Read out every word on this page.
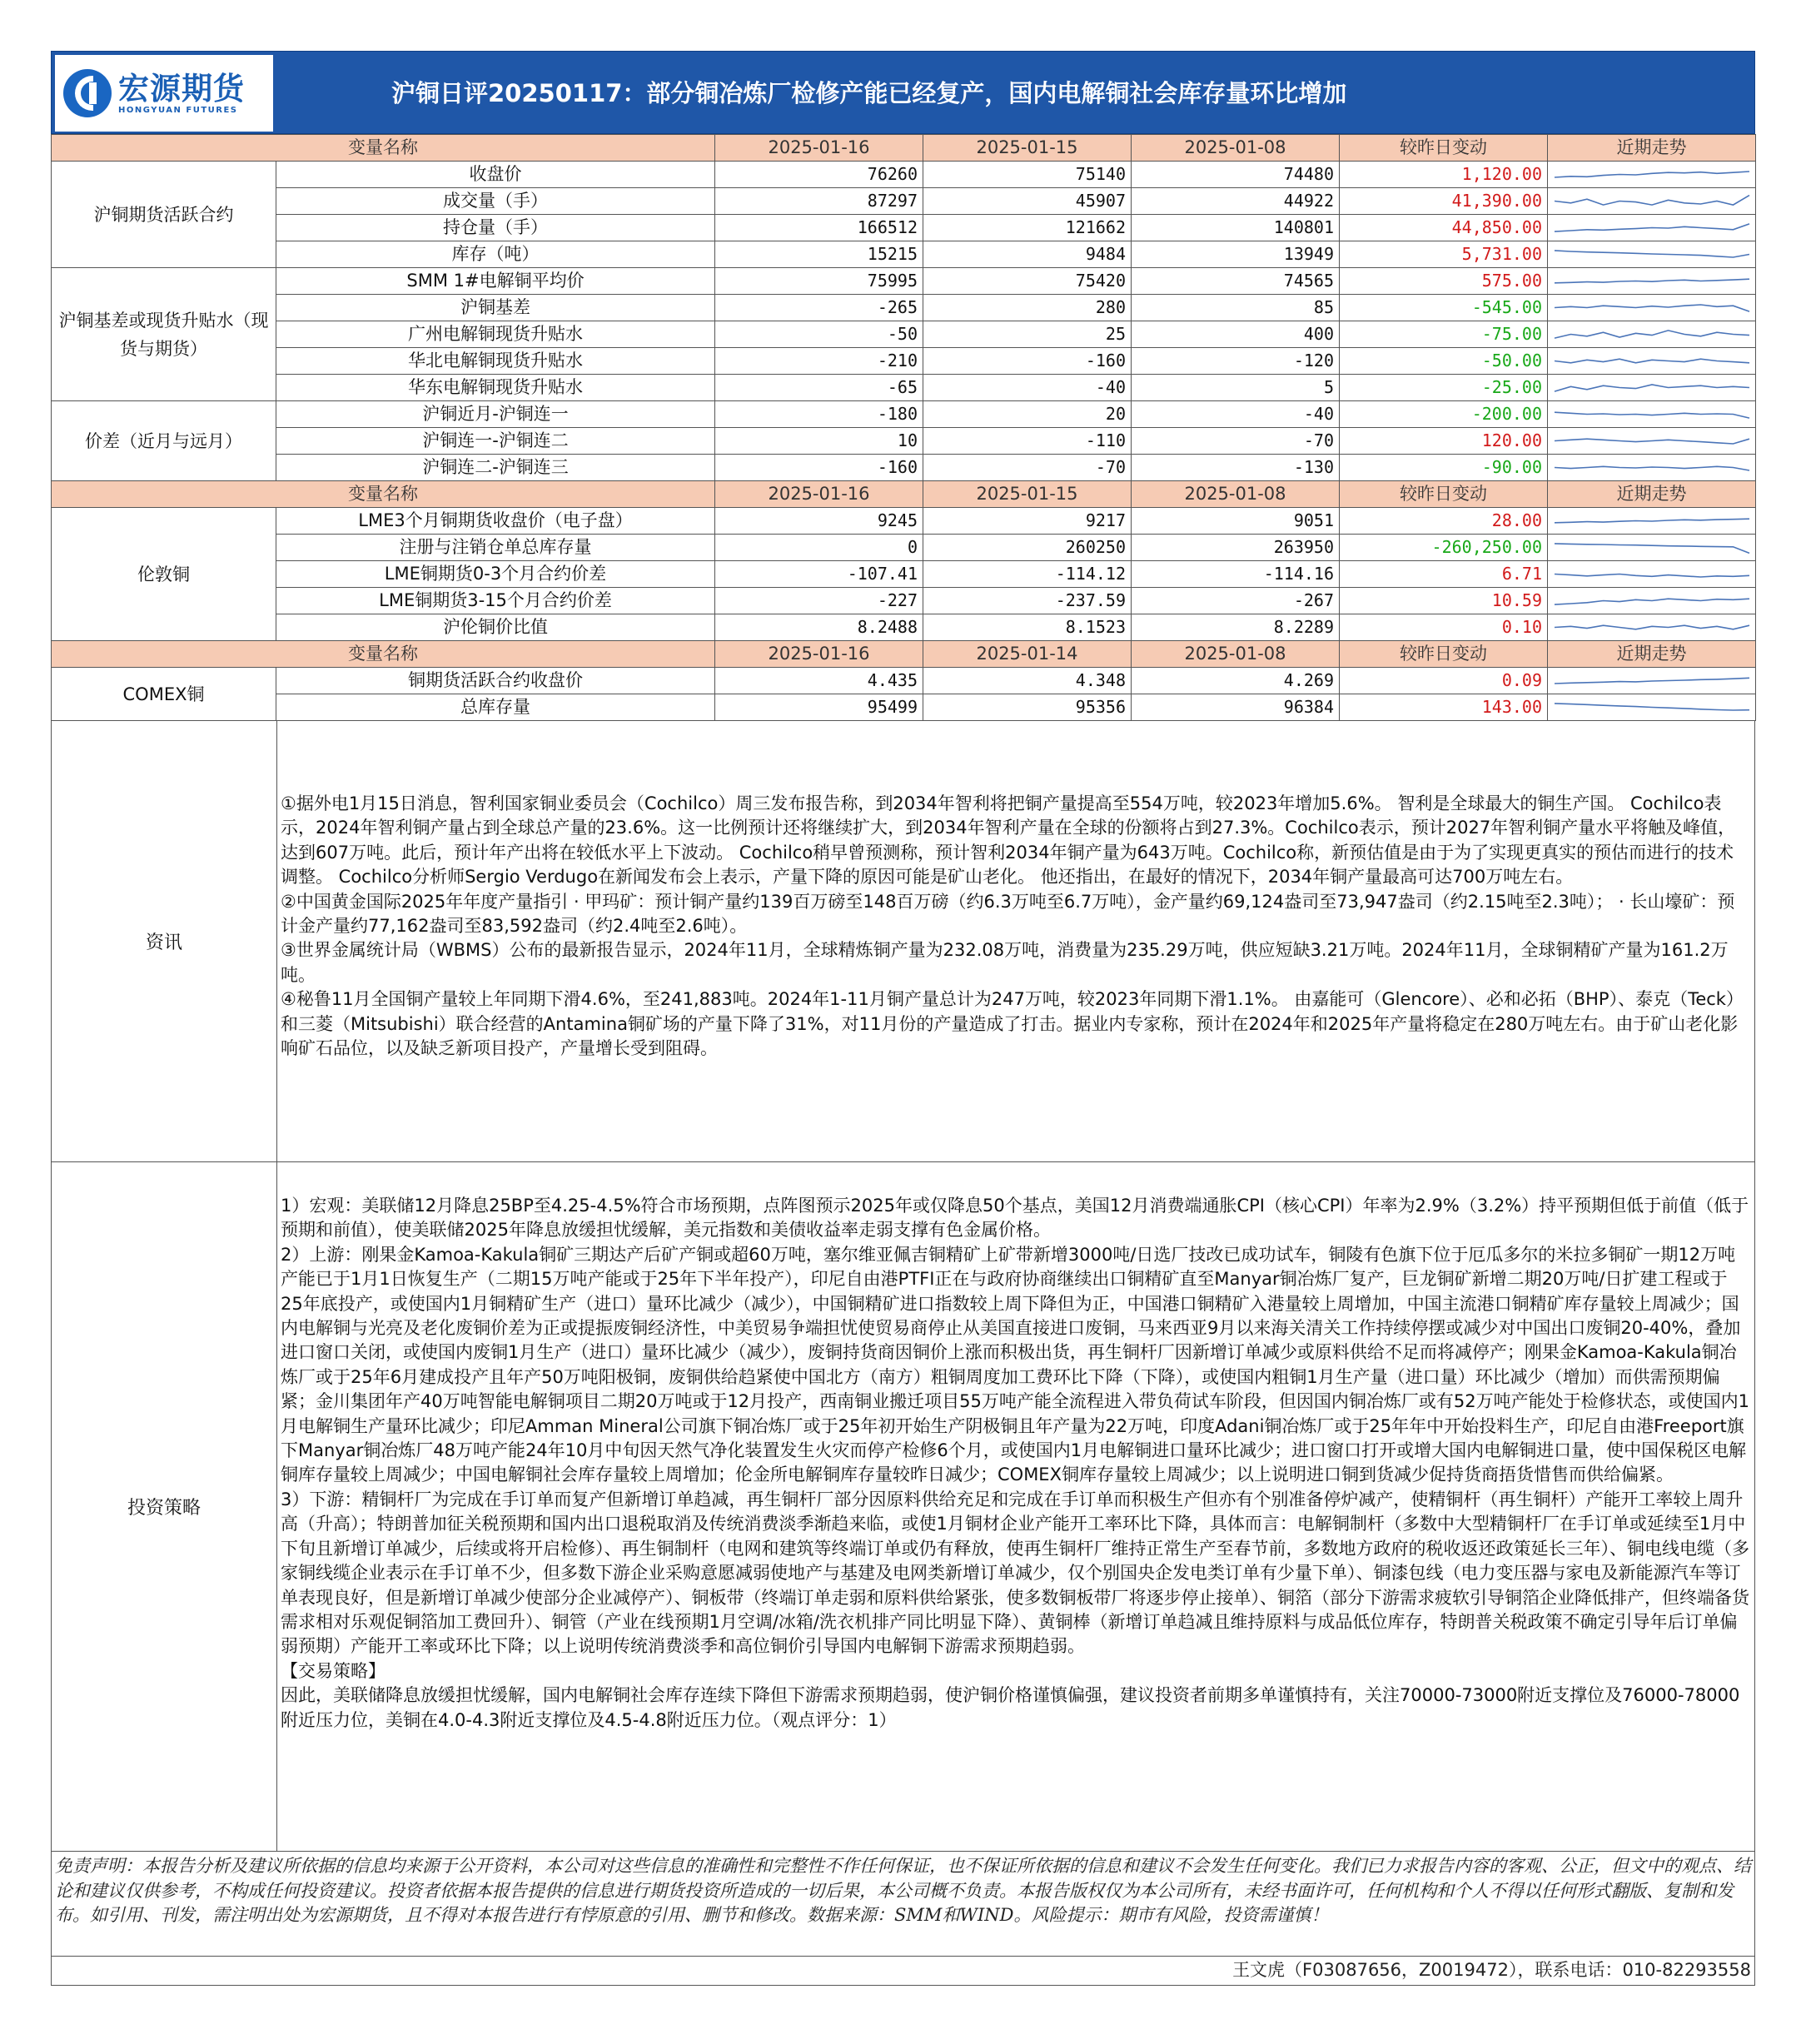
宏源期货
HONGYUAN FUTURES
沪铜日评20250117：部分铜冶炼厂检修产能已经复产，国内电解铜社会库存量环比增加
变量名称		2025-01-16	2025-01-15	2025-01-08	较昨日变动	近期走势
沪铜期货活跃合约	收盘价	76260	75140	74480	1,120.00	

	成交量（手）	87297	45907	44922	41,390.00	

	持仓量（手）	166512	121662	140801	44,850.00	

	库存（吨）	15215	9484	13949	5,731.00	

沪铜基差或现货升贴水（现货与期货）	SMM 1#电解铜平均价	75995	75420	74565	575.00	

	沪铜基差	-265	280	85	-545.00	

	广州电解铜现货升贴水	-50	25	400	-75.00	

	华北电解铜现货升贴水	-210	-160	-120	-50.00	

	华东电解铜现货升贴水	-65	-40	5	-25.00	

价差（近月与远月）	沪铜近月-沪铜连一	-180	20	-40	-200.00	

	沪铜连一-沪铜连二	10	-110	-70	120.00	

	沪铜连二-沪铜连三	-160	-70	-130	-90.00	

变量名称		2025-01-16	2025-01-15	2025-01-08	较昨日变动	近期走势
伦敦铜	LME3个月铜期货收盘价（电子盘）	9245	9217	9051	28.00	

	注册与注销仓单总库存量	0	260250	263950	-260,250.00	

	LME铜期货0-3个月合约价差	-107.41	-114.12	-114.16	6.71	

	LME铜期货3-15个月合约价差	-227	-237.59	-267	10.59	

	沪伦铜价比值	8.2488	8.1523	8.2289	0.10	

变量名称		2025-01-16	2025-01-14	2025-01-08	较昨日变动	近期走势
COMEX铜	铜期货活跃合约收盘价	4.435	4.348	4.269	0.09	

	总库存量	95499	95356	96384	143.00	
资讯

①据外电1月15日消息，智利国家铜业委员会（Cochilco）周三发布报告称，到2034年智利将把铜产量提高至554万吨，较2023年增加5.6%。 智利是全球最大的铜生产国。 Cochilco表示，2024年智利铜产量占到全球总产量的23.6%。这一比例预计还将继续扩大，到2034年智利产量在全球的份额将占到27.3%。Cochilco表示，预计2027年智利铜产量水平将触及峰值，达到607万吨。此后，预计年产出将在较低水平上下波动。 Cochilco稍早曾预测称，预计智利2034年铜产量为643万吨。Cochilco称，新预估值是由于为了实现更真实的预估而进行的技术调整。 Cochilco分析师Sergio Verdugo在新闻发布会上表示，产量下降的原因可能是矿山老化。 他还指出，在最好的情况下，2034年铜产量最高可达700万吨左右。

②中国黄金国际2025年年度产量指引 · 甲玛矿：预计铜产量约139百万磅至148百万磅（约6.3万吨至6.7万吨），金产量约69,124盎司至73,947盎司（约2.15吨至2.3吨）； · 长山壕矿：预计金产量约77,162盎司至83,592盎司（约2.4吨至2.6吨）。

③世界金属统计局（WBMS）公布的最新报告显示，2024年11月，全球精炼铜产量为232.08万吨，消费量为235.29万吨，供应短缺3.21万吨。2024年11月，全球铜精矿产量为161.2万吨。

④秘鲁11月全国铜产量较上年同期下滑4.6%，至241,883吨。2024年1-11月铜产量总计为247万吨，较2023年同期下滑1.1%。 由嘉能可（Glencore）、必和必拓（BHP）、泰克（Teck）和三菱（Mitsubishi）联合经营的Antamina铜矿场的产量下降了31%，对11月份的产量造成了打击。据业内专家称，预计在2024年和2025年产量将稳定在280万吨左右。由于矿山老化影响矿石品位，以及缺乏新项目投产，产量增长受到阻碍。

投资策略

1）宏观：美联储12月降息25BP至4.25-4.5%符合市场预期，点阵图预示2025年或仅降息50个基点，美国12月消费端通胀CPI（核心CPI）年率为2.9%（3.2%）持平预期但低于前值（低于预期和前值），使美联储2025年降息放缓担忧缓解，美元指数和美债收益率走弱支撑有色金属价格。

2）上游：刚果金Kamoa-Kakula铜矿三期达产后矿产铜或超60万吨，塞尔维亚佩吉铜精矿上矿带新增3000吨/日选厂技改已成功试车，铜陵有色旗下位于厄瓜多尔的米拉多铜矿一期12万吨产能已于1月1日恢复生产（二期15万吨产能或于25年下半年投产），印尼自由港PTFI正在与政府协商继续出口铜精矿直至Manyar铜冶炼厂复产，巨龙铜矿新增二期20万吨/日扩建工程或于25年底投产，或使国内1月铜精矿生产（进口）量环比减少（减少），中国铜精矿进口指数较上周下降但为正，中国港口铜精矿入港量较上周增加，中国主流港口铜精矿库存量较上周减少；国内电解铜与光亮及老化废铜价差为正或提振废铜经济性，中美贸易争端担忧使贸易商停止从美国直接进口废铜，马来西亚9月以来海关清关工作持续停摆或减少对中国出口废铜20-40%，叠加进口窗口关闭，或使国内废铜1月生产（进口）量环比减少（减少），废铜持货商因铜价上涨而积极出货，再生铜杆厂因新增订单减少或原料供给不足而将减停产；刚果金Kamoa-Kakula铜冶炼厂或于25年6月建成投产且年产50万吨阳极铜，废铜供给趋紧使中国北方（南方）粗铜周度加工费环比下降（下降），或使国内粗铜1月生产量（进口量）环比减少（增加）而供需预期偏紧；金川集团年产40万吨智能电解铜项目二期20万吨或于12月投产，西南铜业搬迁项目55万吨产能全流程进入带负荷试车阶段，但因国内铜冶炼厂或有52万吨产能处于检修状态，或使国内1月电解铜生产量环比减少；印尼Amman Mineral公司旗下铜冶炼厂或于25年初开始生产阴极铜且年产量为22万吨，印度Adani铜冶炼厂或于25年年中开始投料生产，印尼自由港Freeport旗下Manyar铜冶炼厂48万吨产能24年10月中旬因天然气净化装置发生火灾而停产检修6个月，或使国内1月电解铜进口量环比减少；进口窗口打开或增大国内电解铜进口量，使中国保税区电解铜库存量较上周减少；中国电解铜社会库存量较上周增加；伦金所电解铜库存量较昨日减少；COMEX铜库存量较上周减少；以上说明进口铜到货减少促持货商捂货惜售而供给偏紧。

3）下游：精铜杆厂为完成在手订单而复产但新增订单趋减，再生铜杆厂部分因原料供给充足和完成在手订单而积极生产但亦有个别准备停炉减产，使精铜杆（再生铜杆）产能开工率较上周升高（升高）；特朗普加征关税预期和国内出口退税取消及传统消费淡季渐趋来临，或使1月铜材企业产能开工率环比下降，具体而言：电解铜制杆（多数中大型精铜杆厂在手订单或延续至1月中下旬且新增订单减少，后续或将开启检修）、再生铜制杆（电网和建筑等终端订单或仍有释放，使再生铜杆厂维持正常生产至春节前，多数地方政府的税收返还政策延长三年）、铜电线电缆（多家铜线缆企业表示在手订单不少，但多数下游企业采购意愿减弱使地产与基建及电网类新增订单减少，仅个别国央企发电类订单有少量下单）、铜漆包线（电力变压器与家电及新能源汽车等订单表现良好，但是新增订单减少使部分企业减停产）、铜板带（终端订单走弱和原料供给紧张，使多数铜板带厂将逐步停止接单）、铜箔（部分下游需求疲软引导铜箔企业降低排产，但终端备货需求相对乐观促铜箔加工费回升）、铜管（产业在线预期1月空调/冰箱/洗衣机排产同比明显下降）、黄铜棒（新增订单趋减且维持原料与成品低位库存，特朗普关税政策不确定引导年后订单偏弱预期）产能开工率或环比下降；以上说明传统消费淡季和高位铜价引导国内电解铜下游需求预期趋弱。

【交易策略】

因此，美联储降息放缓担忧缓解，国内电解铜社会库存连续下降但下游需求预期趋弱，使沪铜价格谨慎偏强，建议投资者前期多单谨慎持有，关注70000-73000附近支撑位及76000-78000附近压力位，美铜在4.0-4.3附近支撑位及4.5-4.8附近压力位。（观点评分：1）

免责声明：本报告分析及建议所依据的信息均来源于公开资料，本公司对这些信息的准确性和完整性不作任何保证，也不保证所依据的信息和建议不会发生任何变化。我们已力求报告内容的客观、公正，但文中的观点、结论和建议仅供参考，不构成任何投资建议。投资者依据本报告提供的信息进行期货投资所造成的一切后果，本公司概不负责。本报告版权仅为本公司所有，未经书面许可，任何机构和个人不得以任何形式翻版、复制和发布。如引用、刊发，需注明出处为宏源期货，且不得对本报告进行有悖原意的引用、删节和修改。数据来源：SMM和WIND。风险提示：期市有风险，投资需谨慎！
王文虎（F03087656，Z0019472），联系电话：010-82293558
